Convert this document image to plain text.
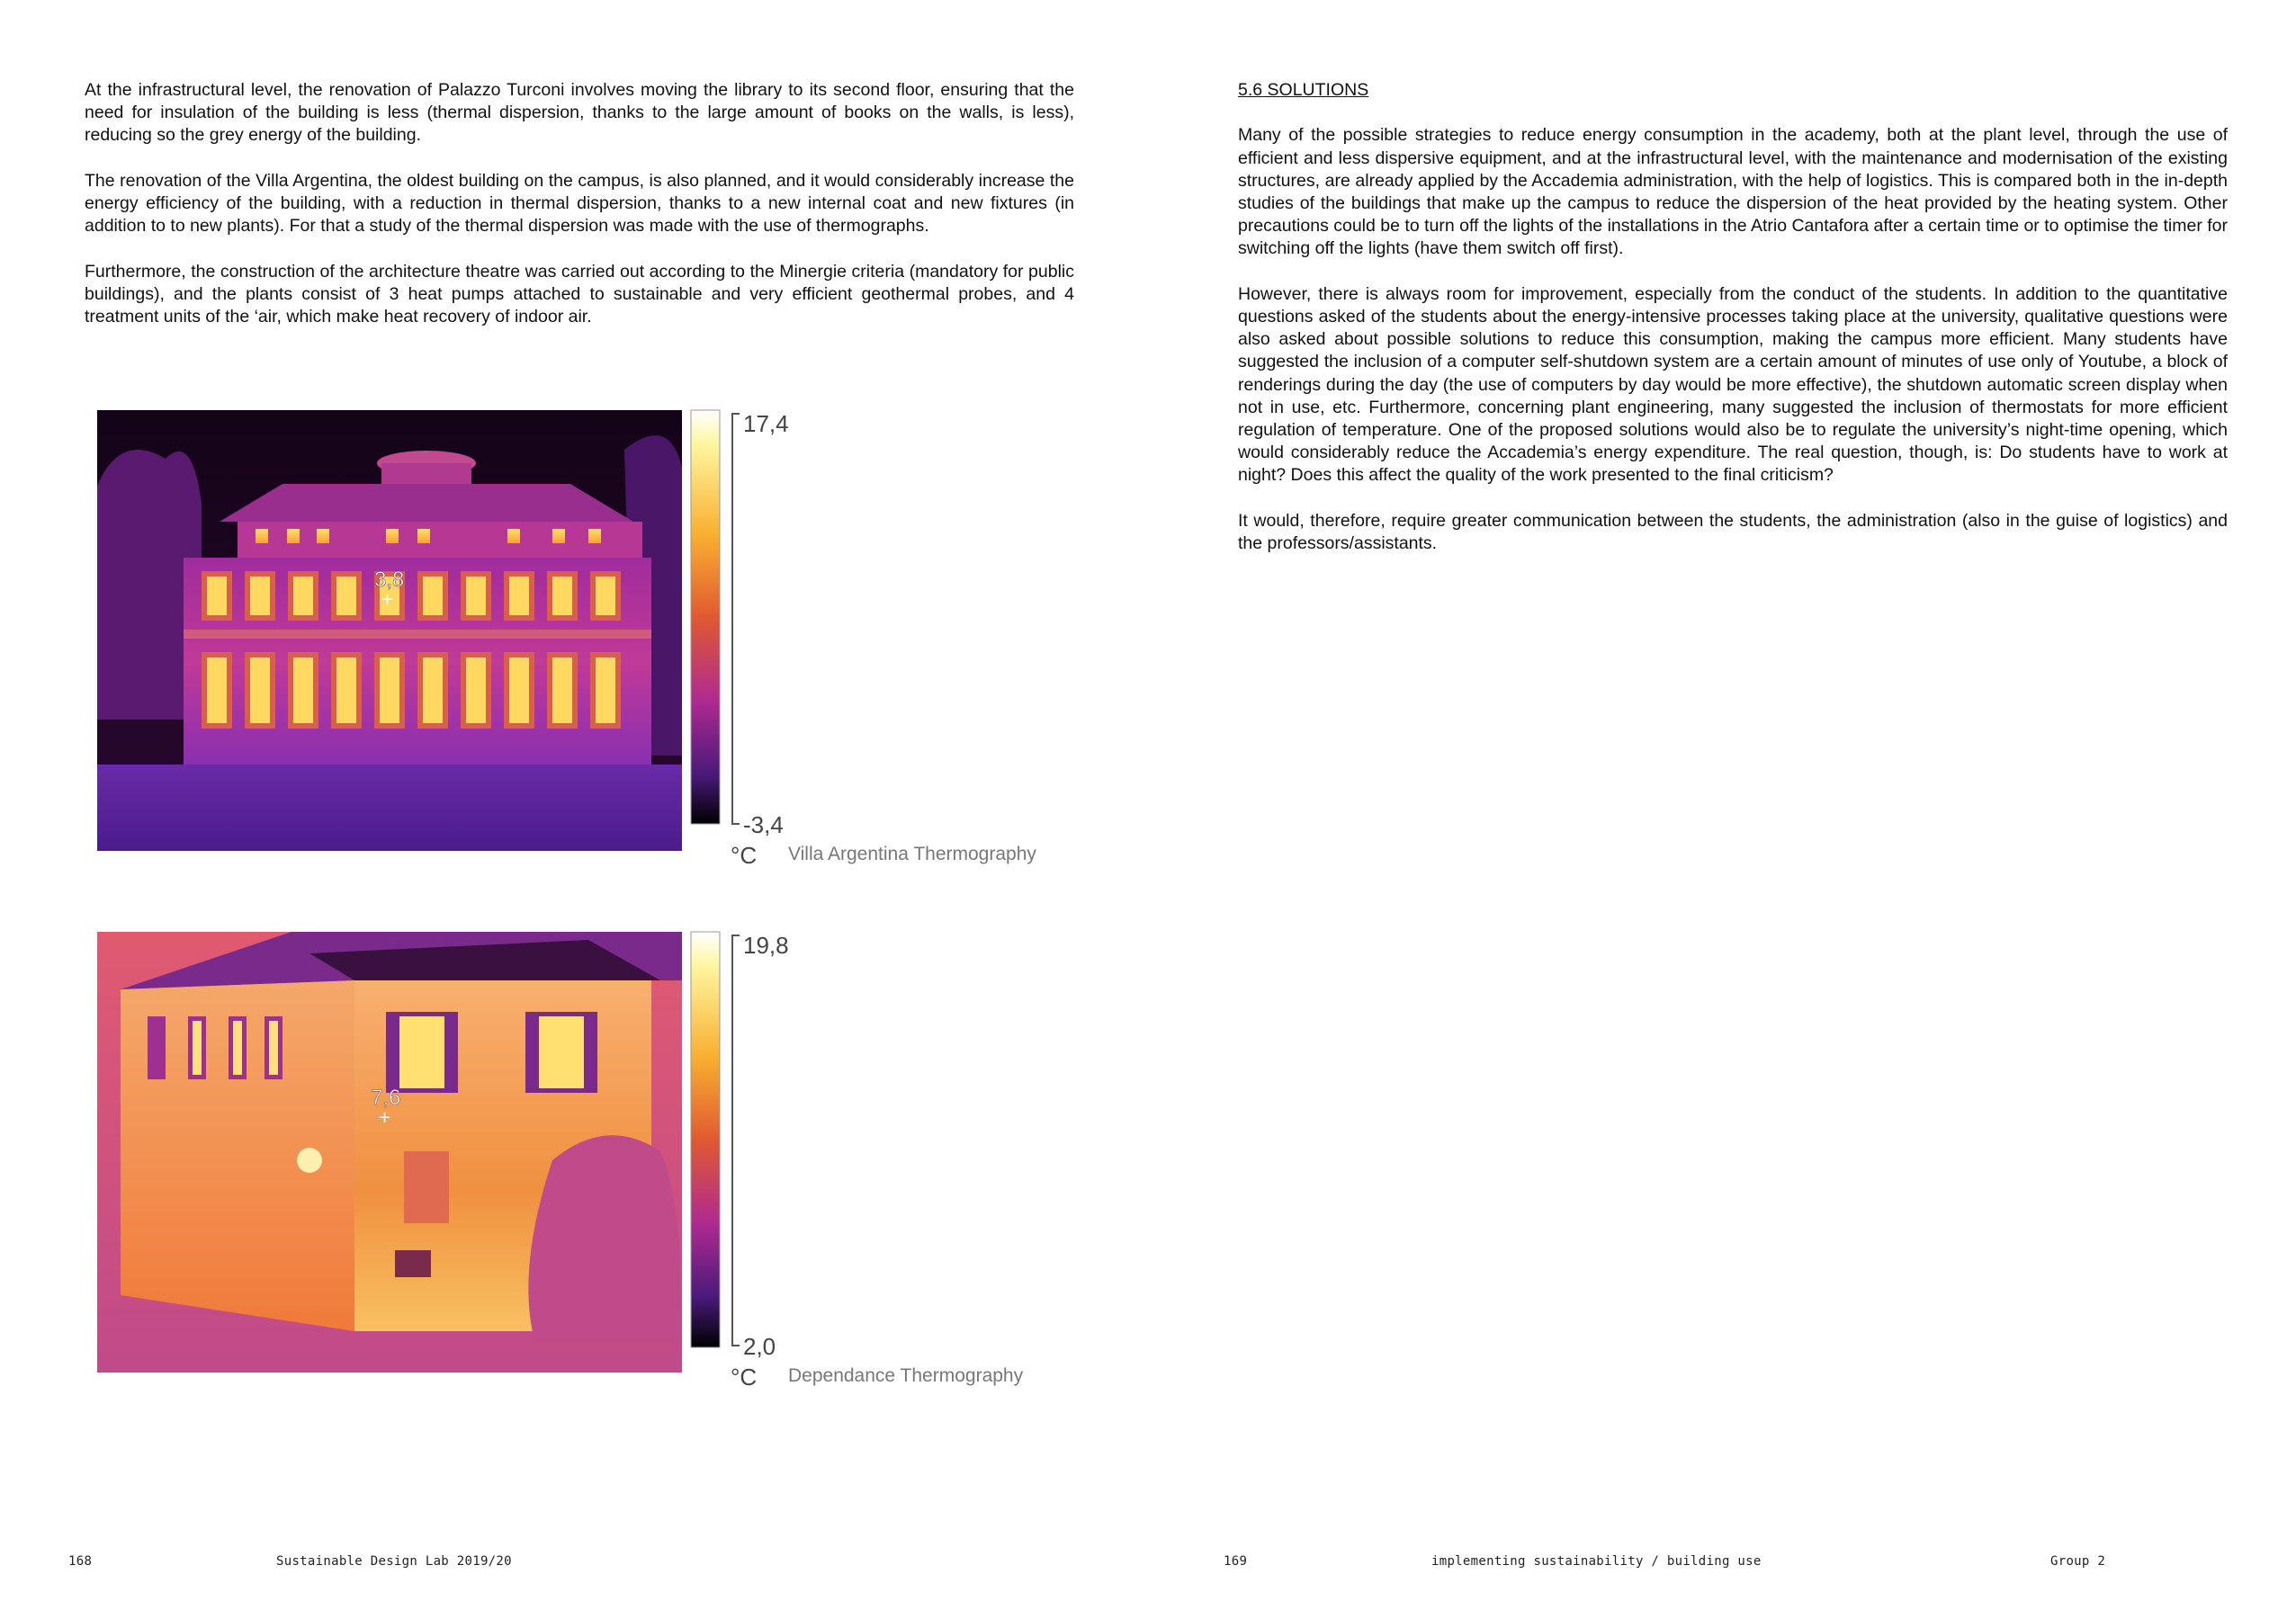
At the infrastructural level, the renovation of Palazzo Turconi involves moving the library to its second floor, ensuring that the need for insulation of the building is less (thermal dispersion, thanks to the large amount of books on the walls, is less), reducing so the grey energy of the building.

The renovation of the Villa Argentina, the oldest building on the campus, is also planned, and it would considerably increase the energy efficiency of the building, with a reduction in thermal dispersion, thanks to a new internal coat and new fixtures (in addition to to new plants). For that a study of the thermal dispersion was made with the use of thermographs.

Furthermore, the construction of the architecture theatre was carried out according to the Minergie criteria (mandatory for public buildings), and the plants consist of 3 heat pumps attached to sustainable and very efficient geothermal probes, and 4 treatment units of the ‘air, which make heat recovery of indoor air.

3,8
+
17,4
-3,4
°C Villa Argentina Thermography
7,6
+
19,8
2,0
°C Dependance Thermography
168	Sustainable Design Lab 2019/20
5.6 SOLUTIONS

Many of the possible strategies to reduce energy consumption in the academy, both at the plant level, through the use of efficient and less dispersive equipment, and at the infrastructural level, with the maintenance and modernisation of the existing structures, are already applied by the Accademia administration, with the help of logistics. This is compared both in the in-depth studies of the buildings that make up the campus to reduce the dispersion of the heat provided by the heating system. Other precautions could be to turn off the lights of the installations in the Atrio Cantafora after a certain time or to optimise the timer for switching off the lights (have them switch off first).

However, there is always room for improvement, especially from the conduct of the students. In addition to the quantitative questions asked of the students about the energy-intensive processes taking place at the university, qualitative questions were also asked about possible solutions to reduce this consumption, making the campus more efficient. Many students have suggested the inclusion of a computer self-shutdown system are a certain amount of minutes of use only of Youtube, a block of renderings during the day (the use of computers by day would be more effective), the shutdown automatic screen display when not in use, etc. Furthermore, concerning plant engineering, many suggested the inclusion of thermostats for more efficient regulation of temperature. One of the proposed solutions would also be to regulate the university’s night-time opening, which would considerably reduce the Accademia’s energy expenditure. The real question, though, is: Do students have to work at night? Does this affect the quality of the work presented to the final criticism?

It would, therefore, require greater communication between the students, the administration (also in the guise of logistics) and the professors/assistants.

169	implementing sustainability / building use	Group 2
